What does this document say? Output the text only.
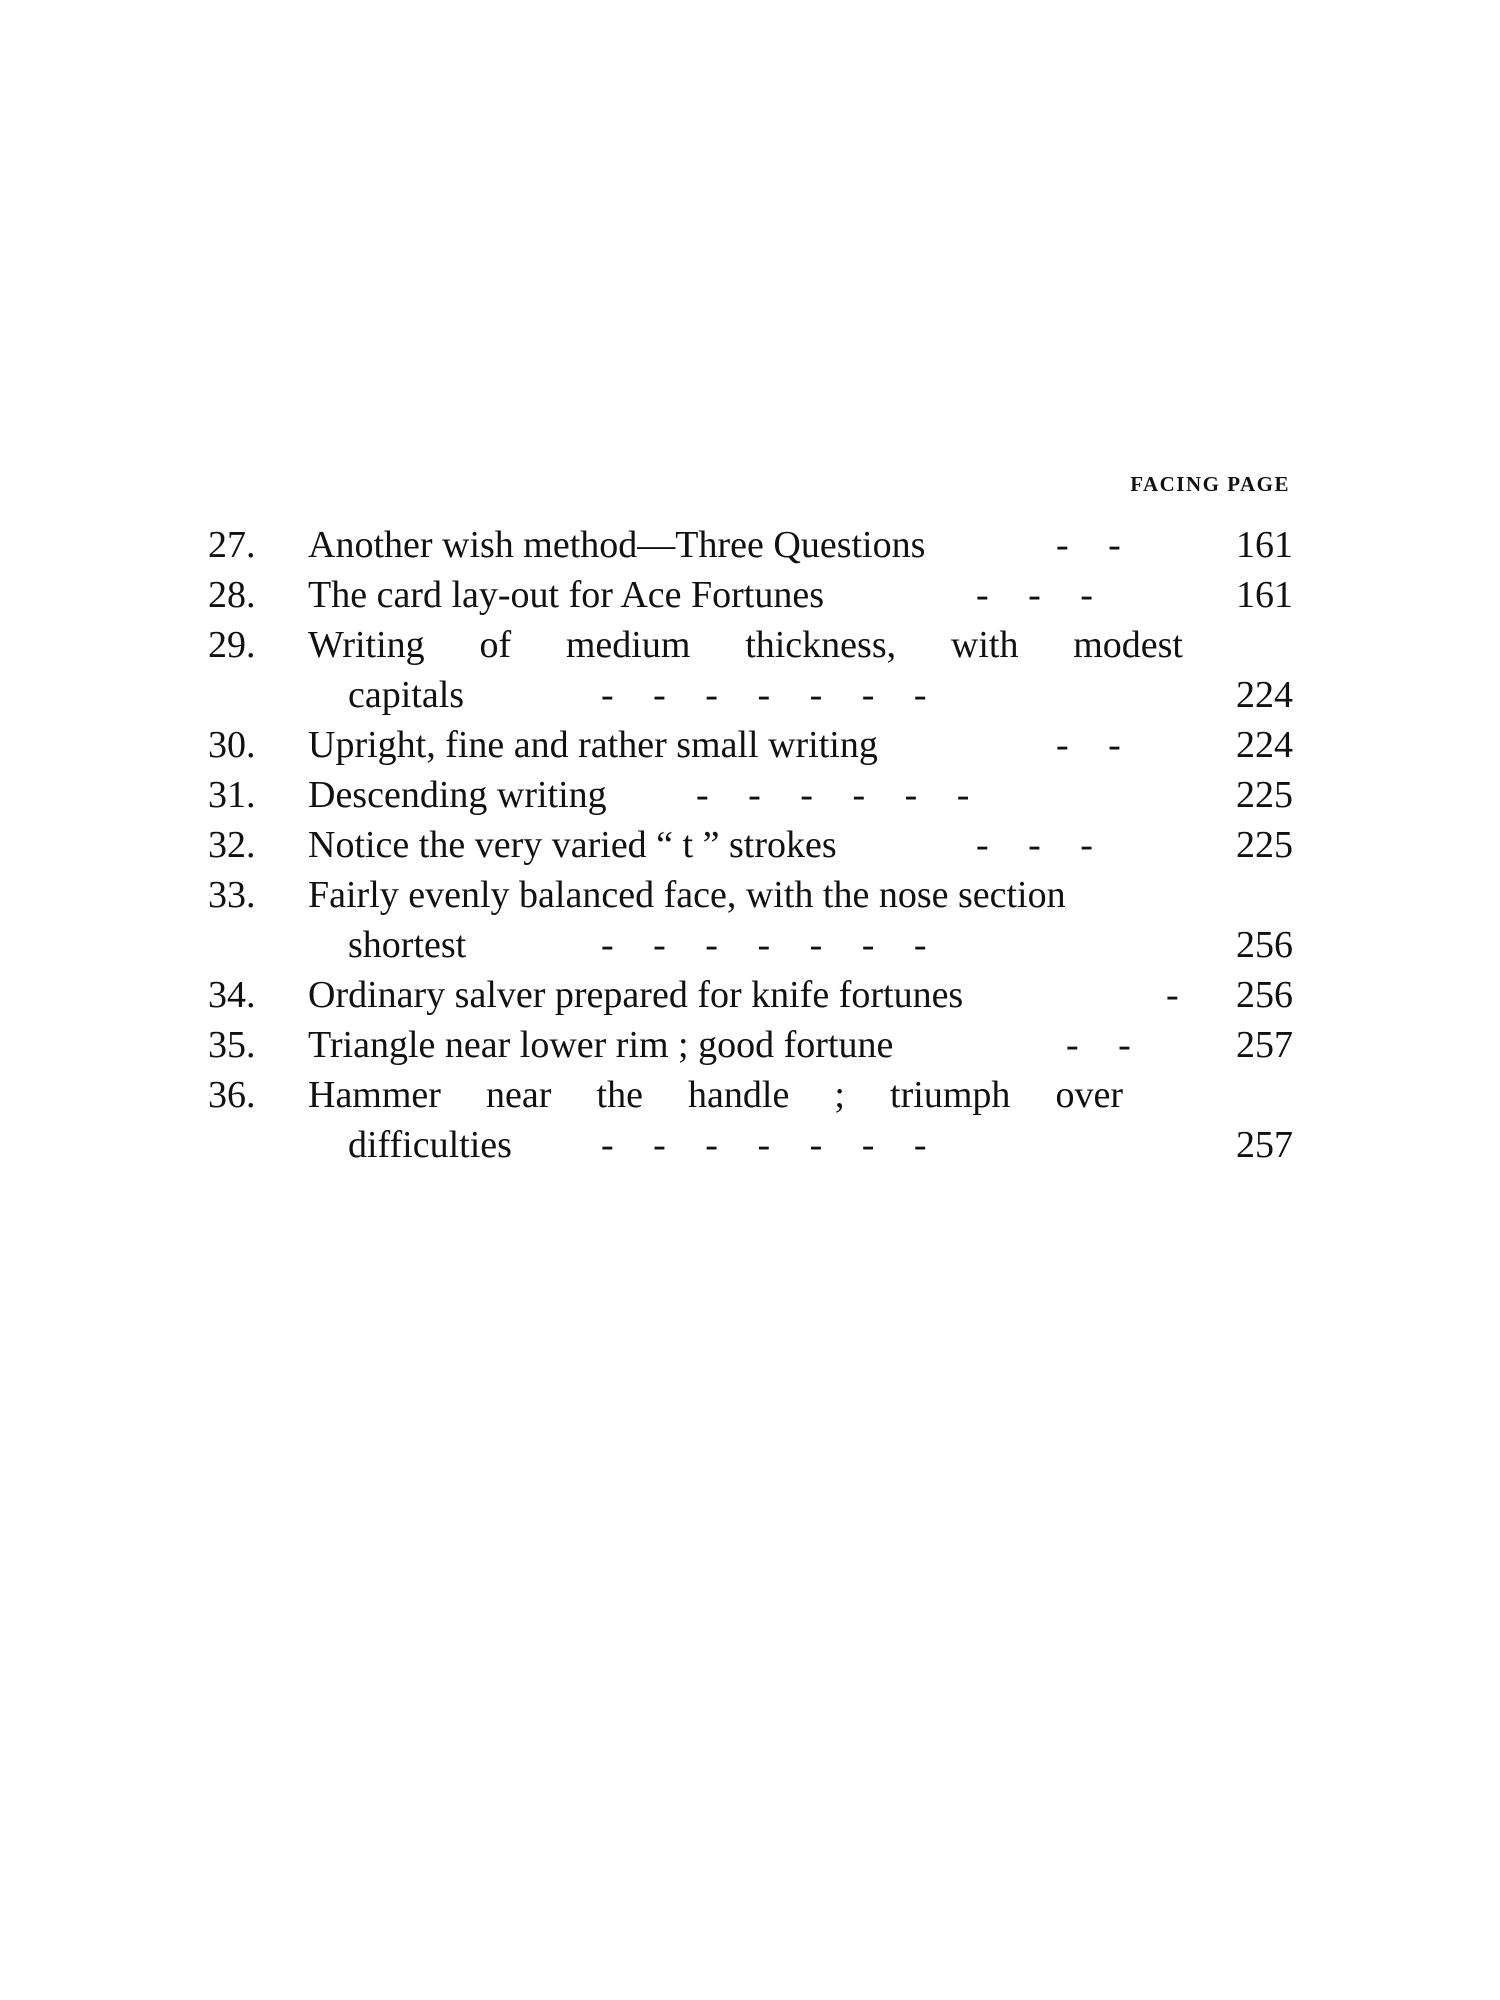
FACING PAGE
27. Another wish method—Three Questions	- -	161
28. The card lay-out for Ace Fortunes	- - -	161
29. Writing of medium thickness, with modest
capitals	- - - - - - -	224
30. Upright, fine and rather small writing	- -	224
31. Descending writing - - - - - -	225
32. Notice the very varied “ t ” strokes	- - -	225
33. Fairly evenly balanced face, with the nose section
shortest	- - - - - - -	256
34. Ordinary salver prepared for knife fortunes	-	256
35. Triangle near lower rim ; good fortune	- -	257
36. Hammer near the handle ; triumph over
difficulties - - - - - - -	257
